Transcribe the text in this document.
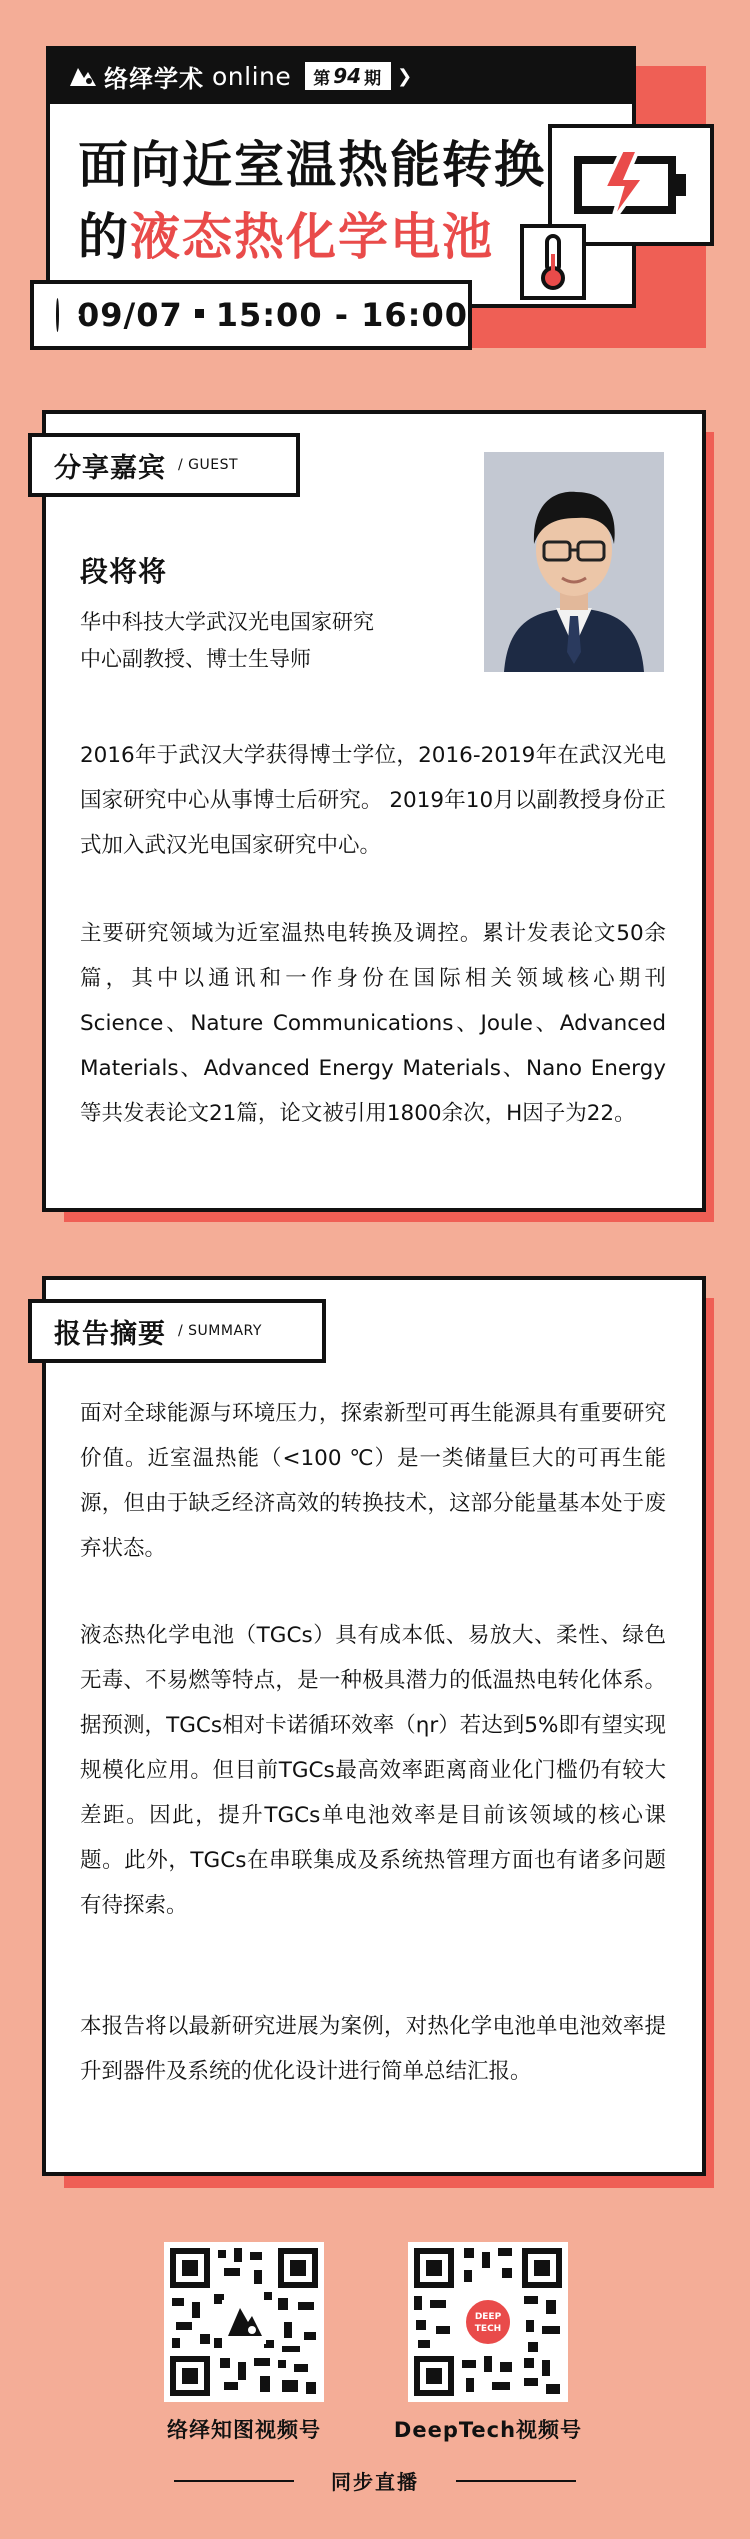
络绎学术 online 第 94 期 ❯
面向近室温热能转换
的液态热化学电池
09/07 15:00 - 16:00
分享嘉宾 / GUEST
段将将
华中科技大学武汉光电国家研究
中心副教授、博士生导师
2016年于武汉大学获得博士学位，2016-2019年在武汉光电国家研究中心从事博士后研究。 2019年10月以副教授身份正式加入武汉光电国家研究中心。
主要研究领域为近室温热电转换及调控。累计发表论文50余篇，其中以通讯和一作身份在国际相关领域核心期刊Science、Nature Communications、Joule、Advanced Materials、Advanced Energy Materials、Nano Energy等共发表论文21篇，论文被引用1800余次，H因子为22。
报告摘要 / SUMMARY
面对全球能源与环境压力，探索新型可再生能源具有重要研究价值。近室温热能（<100 ℃）是一类储量巨大的可再生能源，但由于缺乏经济高效的转换技术，这部分能量基本处于废弃状态。
液态热化学电池（TGCs）具有成本低、易放大、柔性、绿色无毒、不易燃等特点，是一种极具潜力的低温热电转化体系。据预测，TGCs相对卡诺循环效率（ηr）若达到5%即有望实现规模化应用。但目前TGCs最高效率距离商业化门槛仍有较大差距。因此，提升TGCs单电池效率是目前该领域的核心课题。此外，TGCs在串联集成及系统热管理方面也有诸多问题有待探索。
本报告将以最新研究进展为案例，对热化学电池单电池效率提升到器件及系统的优化设计进行简单总结汇报。
络绎知图视频号
DEEP
TECH
DeepTech视频号
同步直播
